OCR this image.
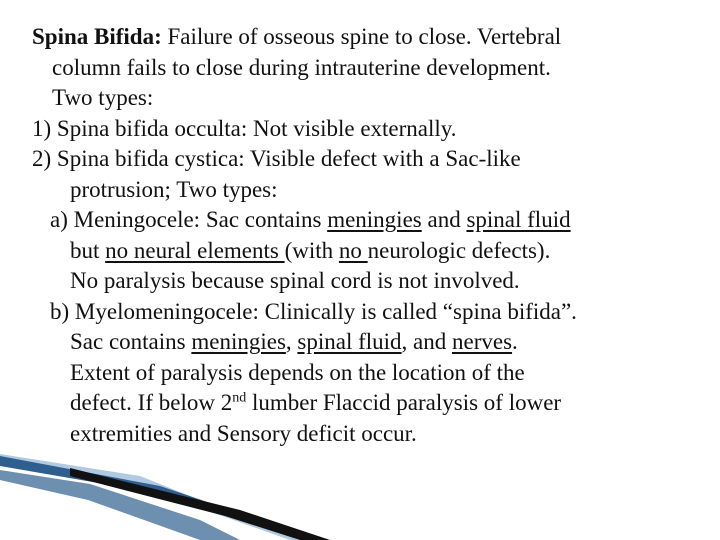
Spina Bifida: Failure of osseous spine to close. Vertebral

column fails to close during intrauterine development.

Two types:

1) Spina bifida occulta: Not visible externally.

2) Spina bifida cystica: Visible defect with a Sac-like

protrusion; Two types:

a) Meningocele: Sac contains meningies and spinal fluid

but no neural elements (with no neurologic defects).

No paralysis because spinal cord is not involved.

b) Myelomeningocele: Clinically is called “spina bifida”.

Sac contains meningies, spinal fluid, and nerves.

Extent of paralysis depends on the location of the

defect. If below 2nd lumber Flaccid paralysis of lower

extremities and Sensory deficit occur.
